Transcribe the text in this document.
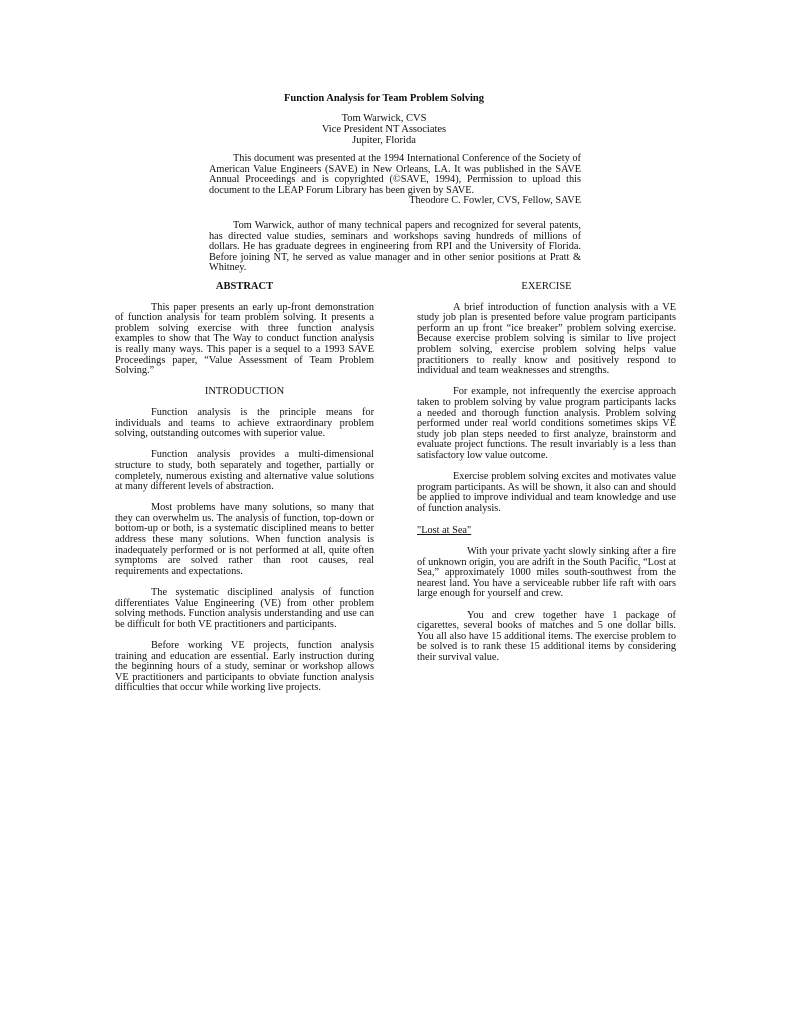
Function Analysis for Team Problem Solving
Tom Warwick, CVS
Vice President NT Associates
Jupiter, Florida

This document was presented at the 1994 International Conference of the Society of American Value Engineers (SAVE) in New Orleans, LA. It was published in the SAVE Annual Proceedings and is copyrighted (©SAVE, 1994), Permission to upload this document to the LEAP Forum Library has been given by SAVE.

Theodore C. Fowler, CVS, Fellow, SAVE

Tom Warwick, author of many technical papers and recognized for several patents, has directed value studies, seminars and workshops saving hundreds of millions of dollars. He has graduate degrees in engineering from RPI and the University of Florida. Before joining NT, he served as value manager and in other senior positions at Pratt & Whitney.

ABSTRACT

This paper presents an early up-front demonstration of function analysis for team problem solving. It presents a problem solving exercise with three function analysis examples to show that The Way to conduct function analysis is really many ways. This paper is a sequel to a 1993 SAVE Proceedings paper, “Value Assessment of Team Problem Solving.”

INTRODUCTION

Function analysis is the principle means for individuals and teams to achieve extraordinary problem solving, outstanding outcomes with superior value.

Function analysis provides a multi-dimensional structure to study, both separately and together, partially or completely, numerous existing and alternative value solutions at many different levels of abstraction.

Most problems have many solutions, so many that they can overwhelm us. The analysis of function, top-down or bottom-up or both, is a systematic disciplined means to better address these many solutions. When function analysis is inadequately performed or is not performed at all, quite often symptoms are solved rather than root causes, real requirements and expectations.

The systematic disciplined analysis of function differentiates Value Engineering (VE) from other problem solving methods. Function analysis understanding and use can be difficult for both VE practitioners and participants.

Before working VE projects, function analysis training and education are essential. Early instruction during the beginning hours of a study, seminar or workshop allows VE practitioners and participants to obviate function analysis difficulties that occur while working live projects.

EXERCISE

A brief introduction of function analysis with a VE study job plan is presented before value program participants perform an up front “ice breaker” problem solving exercise. Because exercise problem solving is similar to live project problem solving, exercise problem solving helps value practitioners to really know and positively respond to individual and team weaknesses and strengths.

For example, not infrequently the exercise approach taken to problem solving by value program participants lacks a needed and thorough function analysis. Problem solving performed under real world conditions sometimes skips VE study job plan steps needed to first analyze, brainstorm and evaluate project functions. The result invariably is a less than satisfactory low value outcome.

Exercise problem solving excites and motivates value program participants. As will be shown, it also can and should be applied to improve individual and team knowledge and use of function analysis.

"Lost at Sea"

With your private yacht slowly sinking after a fire of unknown origin, you are adrift in the South Pacific, “Lost at Sea,” approximately 1000 miles south-southwest from the nearest land. You have a serviceable rubber life raft with oars large enough for yourself and crew.

You and crew together have 1 package of cigarettes, several books of matches and 5 one dollar bills. You all also have 15 additional items. The exercise problem to be solved is to rank these 15 additional items by considering their survival value.
